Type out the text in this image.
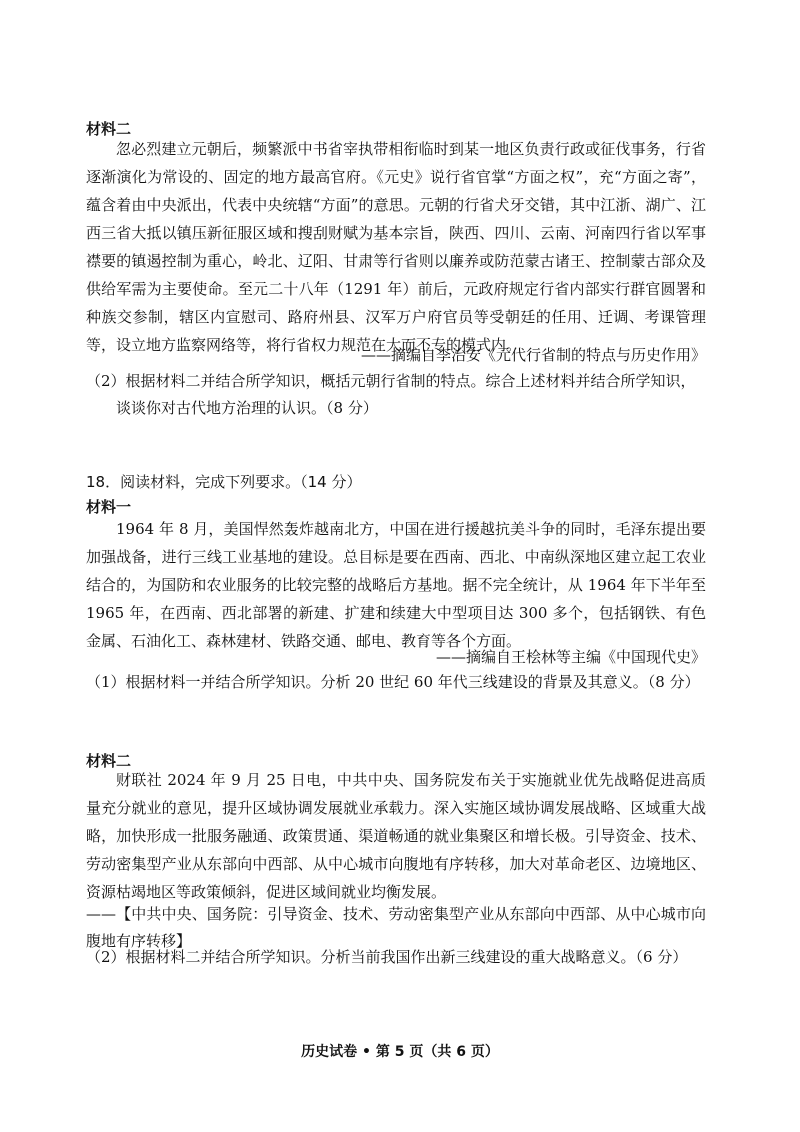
材料二
忽必烈建立元朝后，频繁派中书省宰执带相衔临时到某一地区负责行政或征伐事务，行省逐渐演化为常设的、固定的地方最高官府。《元史》说行省官掌“方面之权”，充“方面之寄”，蕴含着由中央派出，代表中央统辖“方面”的意思。元朝的行省犬牙交错，其中江浙、湖广、江西三省大抵以镇压新征服区域和搜刮财赋为基本宗旨，陕西、四川、云南、河南四行省以军事襟要的镇遏控制为重心，岭北、辽阳、甘肃等行省则以廉养或防范蒙古诸王、控制蒙古部众及供给军需为主要使命。至元二十八年（1291 年）前后，元政府规定行省内部实行群官圆署和种族交参制，辖区内宣慰司、路府州县、汉军万户府官员等受朝廷的任用、迁调、考课管理等，设立地方监察网络等，将行省权力规范在大而不专的模式内。
——摘编自李治安《元代行省制的特点与历史作用》
（2）根据材料二并结合所学知识，概括元朝行省制的特点。综合上述材料并结合所学知识，
谈谈你对古代地方治理的认识。（8 分）
18．阅读材料，完成下列要求。（14 分）
材料一
1964 年 8 月，美国悍然轰炸越南北方，中国在进行援越抗美斗争的同时，毛泽东提出要加强战备，进行三线工业基地的建设。总目标是要在西南、西北、中南纵深地区建立起工农业结合的，为国防和农业服务的比较完整的战略后方基地。据不完全统计，从 1964 年下半年至 1965 年，在西南、西北部署的新建、扩建和续建大中型项目达 300 多个，包括钢铁、有色金属、石油化工、森林建材、铁路交通、邮电、教育等各个方面。
——摘编自王桧林等主编《中国现代史》
（1）根据材料一并结合所学知识。分析 20 世纪 60 年代三线建设的背景及其意义。（8 分）
材料二
财联社 2024 年 9 月 25 日电，中共中央、国务院发布关于实施就业优先战略促进高质量充分就业的意见，提升区域协调发展就业承载力。深入实施区域协调发展战略、区域重大战略，加快形成一批服务融通、政策贯通、渠道畅通的就业集聚区和增长极。引导资金、技术、劳动密集型产业从东部向中西部、从中心城市向腹地有序转移，加大对革命老区、边境地区、资源枯竭地区等政策倾斜，促进区域间就业均衡发展。
——【中共中央、国务院：引导资金、技术、劳动密集型产业从东部向中西部、从中心城市向腹地有序转移】
（2）根据材料二并结合所学知识。分析当前我国作出新三线建设的重大战略意义。（6 分）
历史试卷 • 第 5 页（共 6 页）
